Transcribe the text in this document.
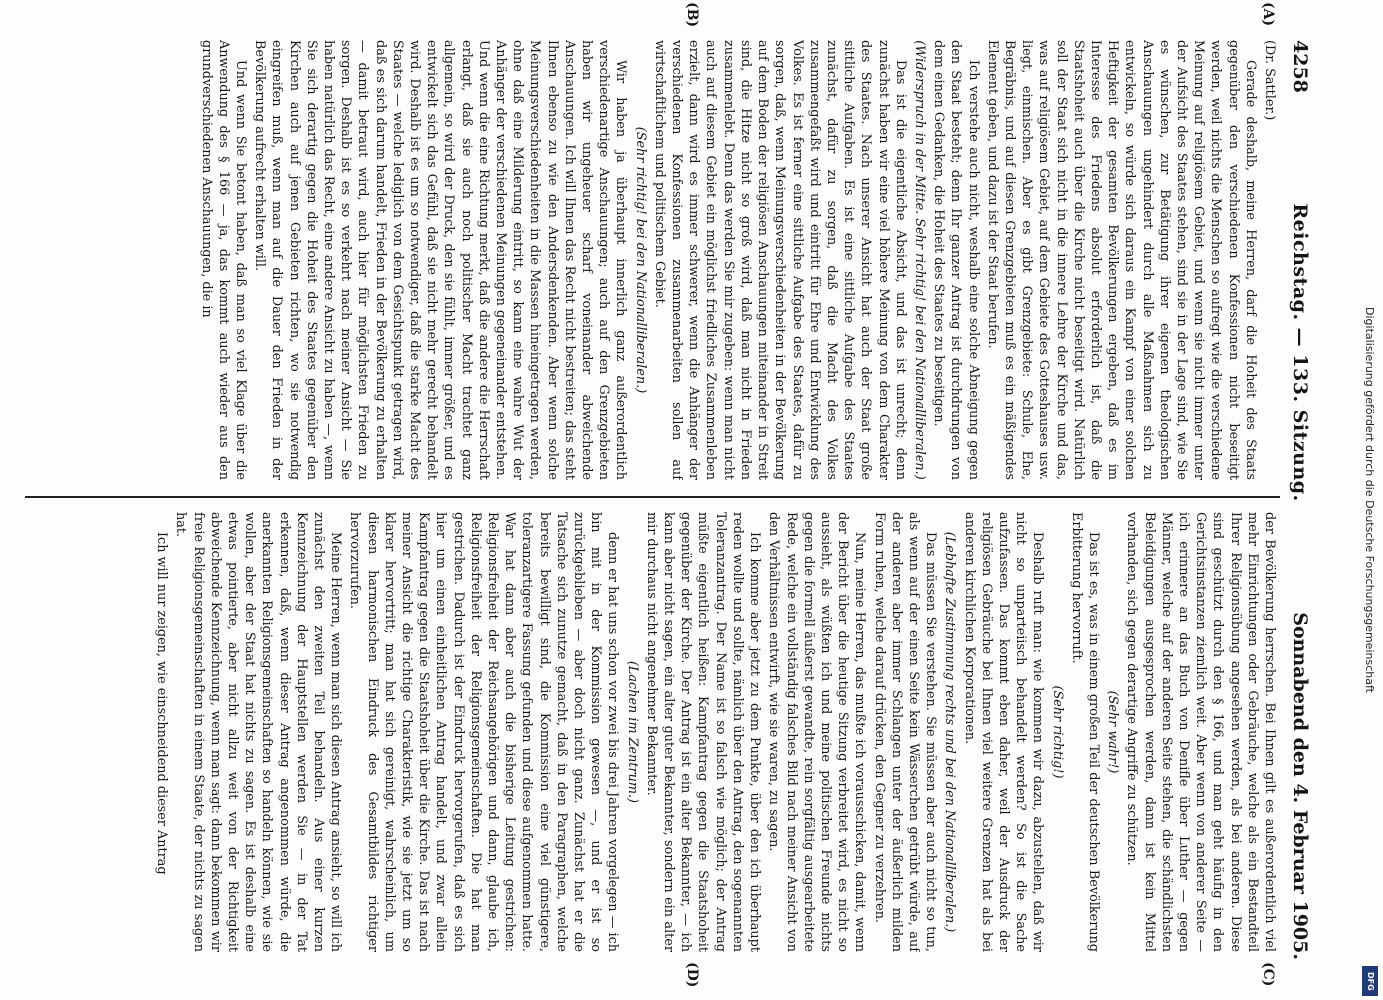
4258
Reichstag. — 133. Sitzung.
Sonnabend den 4. Februar 1905.
(A)
(B)
(C)
(D)

(Dr. Sattler.)

Gerade deshalb, meine Herren, darf die Hoheit des Staats gegenüber den verschiedenen Konfessionen nicht beseitigt werden, weil nichts die Menschen so aufregt wie die verschiedene Meinung auf religiösem Gebiet, und wenn sie nicht immer unter der Aufsicht des Staates stehen, sind sie in der Lage sind, wie Sie es wünschen, zur Betätigung ihrer eigenen theologischen Anschauungen ungehindert durch alle Maßnahmen sich zu entwickeln, so würde sich daraus ein Kampf von einer solchen Heftigkeit der gesamten Bevölkerungen ergeben, daß es im Interesse des Friedens absolut erforderlich ist, daß die Staatshoheit auch über die Kirche nicht beseitigt wird. Natürlich soll der Staat sich nicht in die innere Lehre der Kirche und das, was auf religiösem Gebiet, auf dem Gebiete des Gotteshauses usw. liegt, einmischen. Aber es gibt Grenzgebiete: Schule, Ehe, Begräbnis, und auf diesen Grenzgebieten muß es ein mäßigendes Element geben, und dazu ist der Staat berufen.

Ich verstehe auch nicht, weshalb eine solche Abneigung gegen den Staat besteht; denn Ihr ganzer Antrag ist durchdrungen von dem einen Gedanken, die Hoheit des Staates zu beseitigen.

(Widerspruch in der Mitte. Sehr richtig! bei den Nationalliberalen.)

Das ist die eigentliche Absicht, und das ist unrecht; denn zunächst haben wir eine viel höhere Meinung von dem Charakter des Staates. Nach unserer Ansicht hat auch der Staat große sittliche Aufgaben. Es ist eine sittliche Aufgabe des Staates zunächst, dafür zu sorgen, daß die Macht des Volkes zusammengefaßt wird und eintritt für Ehre und Entwicklung des Volkes. Es ist ferner eine sittliche Aufgabe des Staates, dafür zu sorgen, daß, wenn Meinungsverschiedenheiten in der Bevölkerung auf dem Boden der religiösen Anschauungen miteinander in Streit sind, die Hitze nicht so groß wird, daß man nicht in Frieden zusammenlebt. Denn das werden Sie mir zugeben: wenn man nicht auch auf diesem Gebiet ein möglichst friedliches Zusammenleben erzielt, dann wird es immer schwerer, wenn die Anhänger der verschiedenen Konfessionen zusammenarbeiten sollen auf wirtschaftlichem und politischem Gebiet.

(Sehr richtig! bei den Nationalliberalen.)

Wir haben ja überhaupt innerlich ganz außerordentlich verschiedenartige Anschauungen; auch auf den Grenzgebieten haben wir ungeheuer scharf voneinander abweichende Anschauungen. Ich will Ihnen das Recht nicht bestreiten; das steht Ihnen ebenso zu wie den Andersdenkenden. Aber wenn solche Meinungsverschiedenheiten in die Massen hineingetragen werden, ohne daß eine Milderung eintritt, so kann eine wahre Wut der Anhänger der verschiedenen Meinungen gegeneinander entstehen. Und wenn die eine Richtung merkt, daß die andere die Herrschaft erlangt, daß sie auch noch politischer Macht trachtet ganz allgemein, so wird der Druck, den sie fühlt, immer größer, und es entwickelt sich das Gefühl, daß sie nicht mehr gerecht behandelt wird. Deshalb ist es um so notwendiger, daß die starke Macht des Staates — welche lediglich von dem Gesichtspunkt getragen wird, daß es sich darum handelt, Frieden in der Bevölkerung zu erhalten — damit betraut wird, auch hier für möglichsten Frieden zu sorgen. Deshalb ist es so verkehrt nach meiner Ansicht — Sie haben natürlich das Recht, eine andere Ansicht zu haben —, wenn Sie sich derartig gegen die Hoheit des Staates gegenüber den Kirchen auch auf jenen Gebieten richten, wo sie notwendig eingreifen muß, wenn man auf die Dauer den Frieden in der Bevölkerung aufrecht erhalten will.

Und wenn Sie betont haben, daß man so viel Klage über die Anwendung des § 166 — ja, das kommt auch wieder aus den grundverschiedenen Anschauungen, die in

der Bevölkerung herrschen. Bei Ihnen gilt es außerordentlich viel mehr Einrichtungen oder Gebräuche, welche als ein Bestandteil Ihrer Religionsübung angesehen werden, als bei anderen. Diese sind geschützt durch den § 166, und man geht häufig in den Gerichtsinstanzen ziemlich weit. Aber wenn von anderer Seite — ich erinnere an das Buch von Denifle über Luther — gegen Männer, welche auf der anderen Seite stehen, die schändlichsten Beleidigungen ausgesprochen werden, dann ist kein Mittel vorhanden, sich gegen derartige Angriffe zu schützen.

(Sehr wahr!)

Das ist es, was in einem großen Teil der deutschen Bevölkerung Erbitterung hervorruft.

(Sehr richtig!)

Deshalb ruft man: wie kommen wir dazu, abzustellen, daß wir nicht so unparteiisch behandelt werden? So ist die Sache aufzufassen. Das kommt eben daher, weil der Ausdruck der religiösen Gebräuche bei Ihnen viel weitere Grenzen hat als bei anderen kirchlichen Korporationen.

(Lebhafte Zustimmung rechts und bei den Nationalliberalen.)

Das müssen Sie verstehen. Sie müssen aber auch nicht so tun, als wenn auf der einen Seite kein Wässerchen getrübt würde, auf der anderen aber immer Schlangen unter der äußerlich milden Form ruhen, welche darauf drücken, den Gegner zu verzehren.

Nun, meine Herren, das mußte ich vorausschicken, damit, wenn der Bericht über die heutige Sitzung verbreitet wird, es nicht so aussieht, als wüßten ich und meine politischen Freunde nichts gegen die formell äußerst gewandte, rein sorgfältig ausgearbeitete Rede, welche ein vollständig falsches Bild nach meiner Ansicht von den Verhältnissen entwirft, wie sie waren, zu sagen.

Ich komme aber jetzt zu dem Punkte, über den ich überhaupt reden wollte und sollte, nämlich über den Antrag, den sogenannten Toleranzantrag. Der Name ist so falsch wie möglich; der Antrag müßte eigentlich heißen: Kampfantrag gegen die Staatshoheit gegenüber der Kirche. Der Antrag ist ein alter Bekannter, — ich kann aber nicht sagen, ein alter guter Bekannter, sondern ein alter mir durchaus nicht angenehmer Bekannter.

(Lachen im Zentrum.)

denn er hat uns schon vor zwei bis drei Jahren vorgelegen — ich bin mit in der Kommission gewesen —, und er ist so zurückgeblieben — aber doch nicht ganz. Zunächst hat er die Tatsache sich zunutze gemacht, daß in den Paragraphen, welche bereits bewilligt sind, die Kommission eine viel günstigere, toleranzartigere Fassung gefunden und diese aufgenommen hatte. War hat dann aber auch die bisherige Leitung gestrichen: Religionsfreiheit der Reichsangehörigen und dann, glaube ich, Religionsfreiheit der Religionsgemeinschaften. Die hat man gestrichen. Dadurch ist der Eindruck hervorgerufen, daß es sich hier um einen einheitlichen Antrag handelt, und zwar allein Kampfantrag gegen die Staatshoheit über die Kirche. Das ist nach meiner Ansicht die richtige Charakteristik, wie sie jetzt um so klarer hervortritt; man hat sich gereinigt, wahrscheinlich, um diesen harmonischen Eindruck des Gesamtbildes richtiger hervorzurufen.

Meine Herren, wenn man sich diesen Antrag ansieht, so will ich zunächst den zweiten Teil behandeln. Aus einer kurzen Kennzeichnung der Hauptstellen werden Sie — in der Tat erkennen, daß, wenn dieser Antrag angenommen würde, die anerkannten Religionsgemeinschaften so handeln können, wie sie wollen, aber der Staat hat nichts zu sagen. Es ist deshalb eine etwas pointierte, aber nicht allzu weit von der Richtigkeit abweichende Kennzeichnung, wenn man sagt: dann bekommen wir freie Religionsgemeinschaften in einem Staate, der nichts zu sagen hat.

Ich will nur zeigen, wie einschneidend dieser Antrag

Digitalisierung gefördert durch die Deutsche Forschungsgemeinschaft
DFG
